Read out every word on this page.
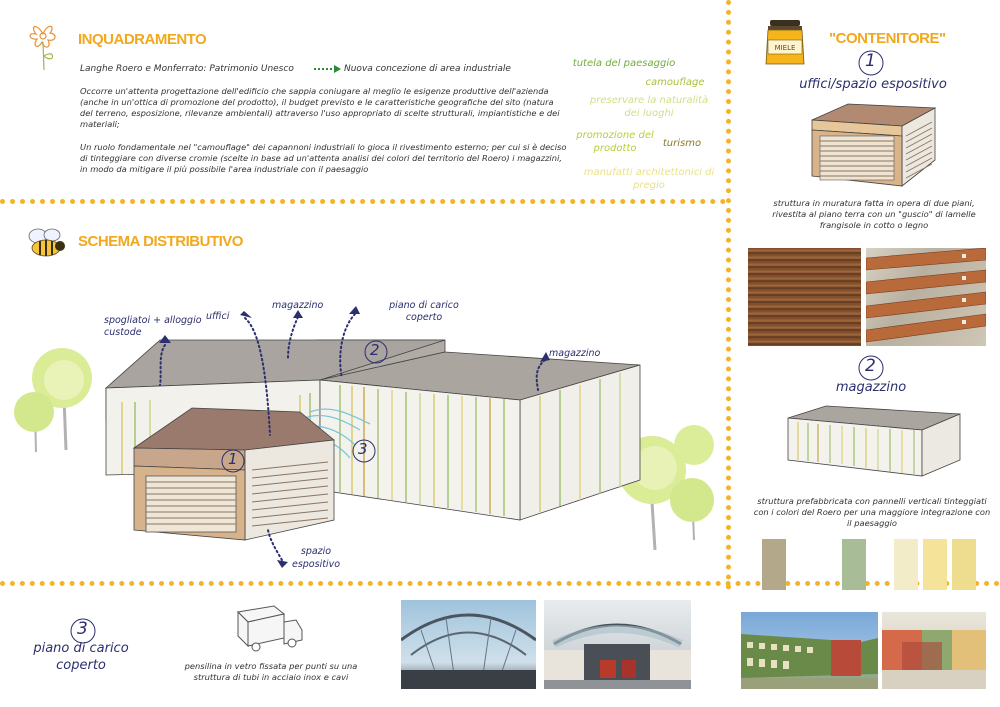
INQUADRAMENTO
Langhe Roero e Monferrato: Patrimonio Unesco	Nuova concezione di area industriale
Occorre un'attenta progettazione dell'edificio che sappia coniugare al meglio le esigenze produttive dell'azienda (anche in un'ottica di promozione del prodotto), il budget previsto e le caratteristiche geografiche del sito (natura del terreno, esposizione, rilevanze ambientali) attraverso l'uso appropriato di scelte strutturali, impiantistiche e dei materiali;
Un ruolo fondamentale nel "camouflage" dei capannoni industriali lo gioca il rivestimento esterno; per cui si è deciso di tinteggiare con diverse cromie (scelte in base ad un'attenta analisi dei colori del territorio del Roero) i magazzini, in modo da mitigare il più possibile l'area industriale con il paesaggio
tutela del paesaggio
camouflage
preservare la naturalità dei luoghi
promozione del prodotto	turismo
manufatti architettonici di pregio
SCHEMA DISTRIBUTIVO
spogliatoi + alloggio custode
uffici
magazzino	piano di carico coperto
magazzino
spazio espositivo
2
3
1
MIELE
"CONTENITORE"
1
uffici/spazio espositivo
struttura in muratura fatta in opera di due piani, rivestita al piano terra con un "guscio" di lamelle frangisole in cotto o legno
2
magazzino
struttura prefabbricata con pannelli verticali tinteggiati con i colori del Roero per una maggiore integrazione con il paesaggio
3
piano di carico coperto	pensilina in vetro fissata per punti su una struttura di tubi in acciaio inox e cavi
